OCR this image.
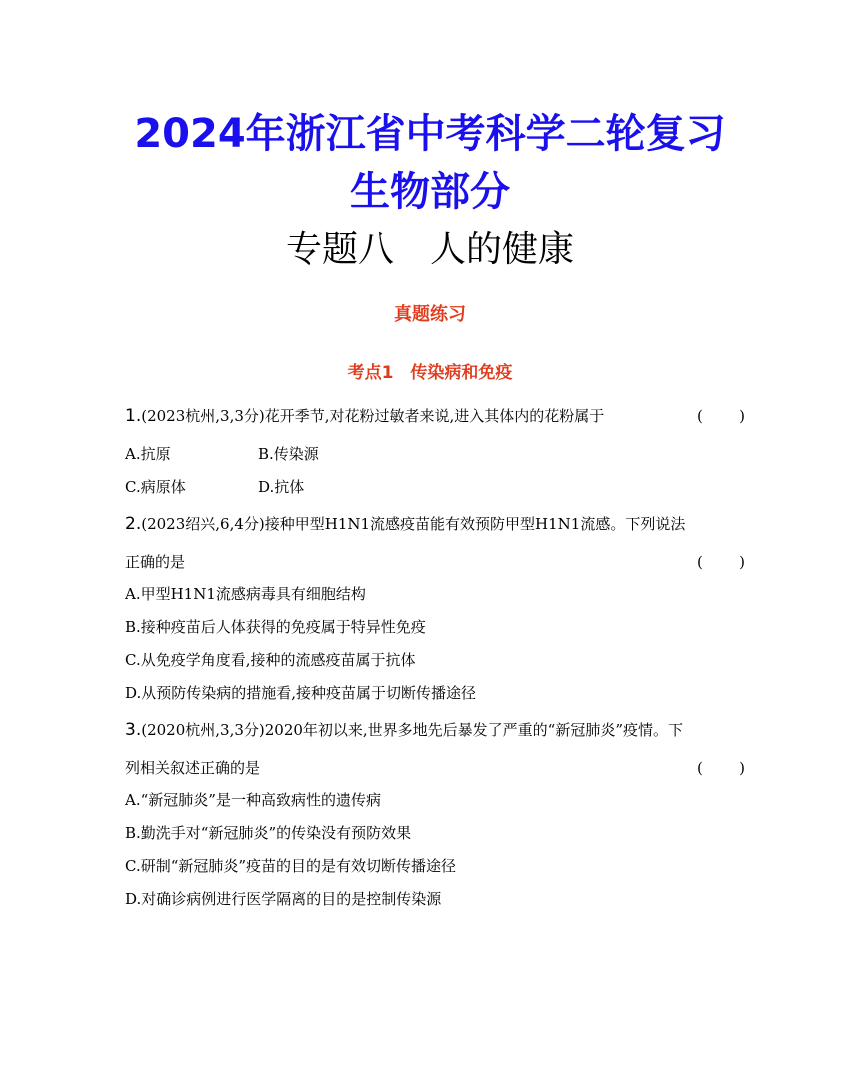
2024年浙江省中考科学二轮复习
生物部分
专题八　人的健康
真题练习
考点1　传染病和免疫
1.(2023杭州,3,3分)花开季节,对花粉过敏者来说,进入其体内的花粉属于	( )
A.抗原	B.传染源
C.病原体	D.抗体
2.(2023绍兴,6,4分)接种甲型H1N1流感疫苗能有效预防甲型H1N1流感。下列说法
正确的是	( )
A.甲型H1N1流感病毒具有细胞结构
B.接种疫苗后人体获得的免疫属于特异性免疫
C.从免疫学角度看,接种的流感疫苗属于抗体
D.从预防传染病的措施看,接种疫苗属于切断传播途径
3.(2020杭州,3,3分)2020年初以来,世界多地先后暴发了严重的“新冠肺炎”疫情。下
列相关叙述正确的是	( )
A.“新冠肺炎”是一种高致病性的遗传病
B.勤洗手对“新冠肺炎”的传染没有预防效果
C.研制“新冠肺炎”疫苗的目的是有效切断传播途径
D.对确诊病例进行医学隔离的目的是控制传染源
